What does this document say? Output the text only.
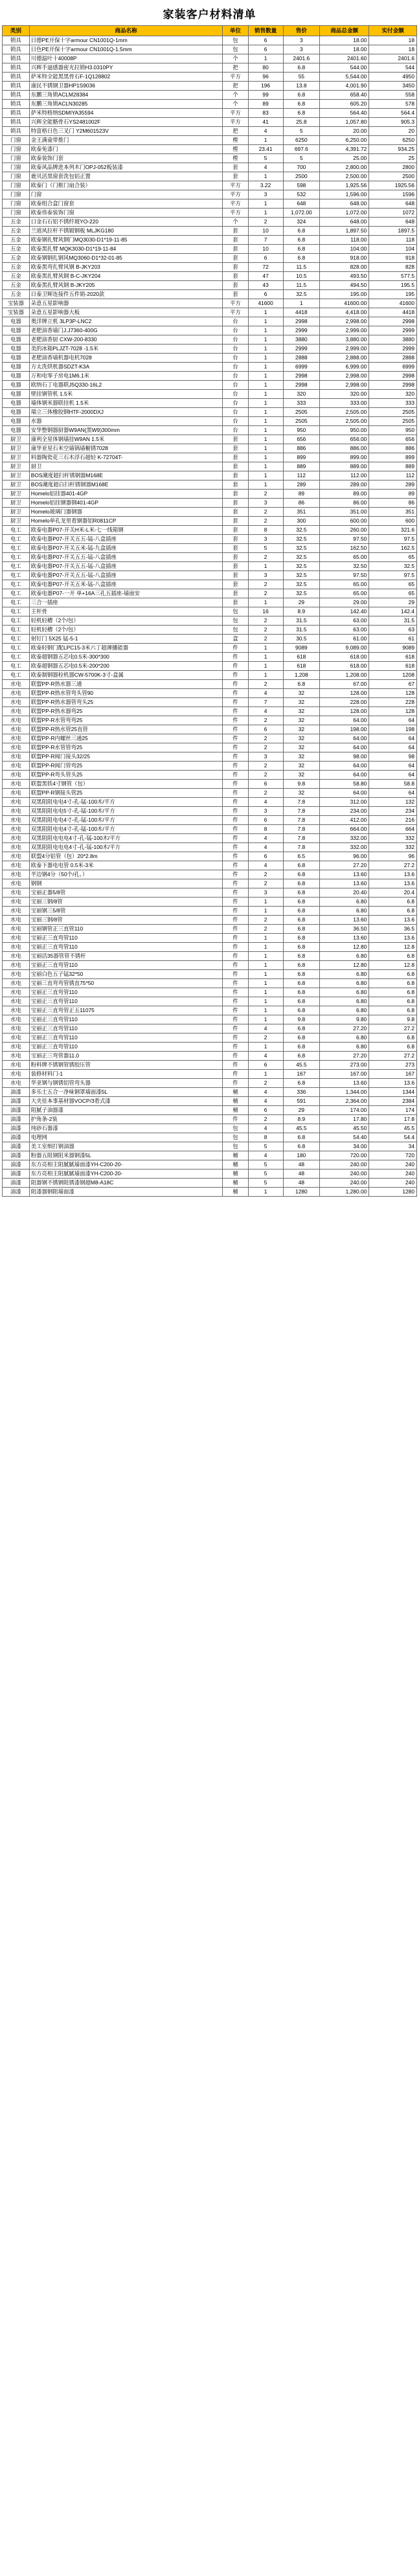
家装客户材料清单
类别	商品名称	单位	销售数量	售价	商品总金额	实付金额
锁具	日德PE开保十字armour CN1001Q-1mm	包	6	3	18.00	18
锁具	日色PE开保十字armour CN1001Q-1.5mm	包	6	3	18.00	18
锁具	川德温叶十40008P	个	1	2401.6	2401.60	2401.6
锁具	兴辉手逼感器密光拉锁H3.0310PY	把	80	6.8	544.00	544
锁具	萨米特全能黑黑骨石F-1Q128802	平方	96	55	5,544.00	4950
锁具	康民不锈钢卫器HP1S9036	把	196	13.8	4,001.90	3450
锁具	东鹏三角锁ACLM28384	个	99	6.8	658.40	558
锁具	东鹏三角锁ACLN30285	个	89	6.8	605.20	578
锁具	萨米特格纳SDMIYA35594	平方	83	6.8	564.40	564.4
锁具	兴辉全能骼骨石YS2481002F	平方	41	25.8	1,057.80	905.3
锁具	特富格日色三叉门 Y2M601523V	把	4	5	20.00	20
门窗	金王满童带推门	樘	1	6250	6,250.00	6250
门窗	欧泰免漆门	樘	23.41	697.6	4,391.72	934.25
门窗	欧泰装饰门套	樘	5	5	25.00	25
门窗	欧泰风品牌进本列木门OPJ-052板装漆	套	4	700	2,800.00	2800
门窗	鹿贝活黑窗套洗包铝正置	套	1	2500	2,500.00	2500
门窗	欧泰门（门框门扇合装）	平方	3.22	598	1,925.56	1925.56
门窗	门窗	平方	3	532	1,596.00	1596
门窗	欧泰组合盒门窗套	平方	1	648	648.00	648
门窗	欧泰伟泰装饰门窗	平方	1	1,072.00	1,072.00	1072
五金	口金石石铝不锈纤玻YO-220	个	2	324	648.00	648
五金	兰道风拉杆不锈锻钢板 MLJKG180	套	10	6.8	1,897.50	1897.5
五金	欧泰钢扎臂风钢门MQ3030-D1*19-11-85	套	7	6.8	118.00	118
五金	欧泰黑扎臂 MQK3030-D1*19-11-84	套	10	6.8	104.00	104
五金	欧泰钢钢扎钢风MQ3060-D1*32-01-85	套	6	6.8	918.00	918
五金	欧泰黑弯扎臂风钢 B-JKY203	套	72	11.5	828.00	828
五金	欧泰黑扎臂风钢 B-C-JKY204	套	47	10.5	493.50	577.5
五金	欧泰黑扎臂风钢 B-JKY205	套	43	11.5	494.50	195.5
五金	日泰卫辉连接件五件销-2020款	套	6	32.5	195.00	195
宝装器	朵意五星影响器	平方	41600	1	41600.00	41600
宝装器	朵意五星影响器大板	平方	1	4418	4,418.00	4418
电器	奥洋牌立机 3LP3P-LNC2	台	1	2998	2,998.00	2998
电器	老肥油香墙门J.J7360-400G	台	1	2999	2,999.00	2999
电器	老肥油香厨 CXW-200-8330	台	1	3880	3,880.00	3880
电器	美的冰箱PLJZT-7028 -1.5米	台	1	2999	2,999.00	2999
电器	老肥油香墙机器电机7028	台	1	2888	2,888.00	2888
电器	方太洗烘机器SDZT-K3A	台	1	6999	6,999.00	6999
电器	万和电零子房电1M6.1米	台	1	2998	2,998.00	2998
电器	欧纳石丁电器联J5Q330-16L2	台	1	2998	2,998.00	2998
电器	壁挂钢管机 1.5米	台	1	320	320.00	320
电器	墙体钢米器联挂机 1.5米	台	1	333	333.00	333
电器	瑞立三体橡胶钢HTF-2000DXJ	台	1	2505	2,505.00	2505
电器	水器	台	1	2505	2,505.00	2505
电器	安华整钢器厨器W9AN{黑W9)300mm	台	1	950	950.00	950
厨卫	康利全星体钢墙挂W9AN 1.5米	套	1	656	656.00	656
厨卫	康华亚星石米空墙锅墙橱锈7028	套	1	886	886.00	886
厨卫	料器陶瓷花三石木浮石超轻 K-72704T-	套	1	899	899.00	899
厨卫	厨卫	套	1	889	889.00	889
厨卫	BOS潮度超扫杆锈钢器M168E	套	1	112	112.00	112
厨卫	BOS潮度超白扫杆锈钢器M168E	套	1	289	289.00	289
厨卫	Homelo铝挂器401-4GP	套	2	89	89.00	89
厨卫	Homelo铝挂钢器钢401-4GP	套	3	86	86.00	86
厨卫	Homelo玻璃门器钢器	套	2	351	351.00	351
厨卫	Homelo单孔龙里看钢器铝R0811CP	套	2	300	600.00	600
电工	欧泰电器P07-开关H米-L米-七一线箱钢	套	8	32.5	260.00	321.6
电工	欧泰电器P07-开关五五-锰-八盒插座	套	3	32.5	97.50	97.5
电工	欧泰电器P07-开关五米-锰-九盒插座	套	5	32.5	162.50	162.5
电工	欧泰电器P07-开关五五-锰-八盒插座	套	2	32.5	65.00	65
电工	欧泰电器P07-开关五五-锰-八盒插座	套	1	32.5	32.50	32.5
电工	欧泰电器P07-开关五五-锰-八盒插座	套	3	32.5	97.50	97.5
电工	欧泰电器P07-开关五米-锰-八盒插座	套	2	32.5	65.00	65
电工	欧泰电器P07-一开 单+16A三孔五插座-墙面安	套	2	32.5	65.00	65
电工	三合一插座	套	1	29	29.00	29
电工	主杆骨	包	16	8.9	142.40	142.4
电工	轻机轻槽（2个/包）	包	2	31.5	63.00	31.5
电工	轻机轻槽（2个/包）	包	2	31.5	63.00	63
电工	射钉门 5X25 锰-5-1	盒	2	30.5	61.00	61
电工	欧泰轻钢门配LPC15-3米六丁超薄播能器	件	1	9089	9,089.00	9089
电工	欧泰超钢器五芯电0.5米-300*300	件	1	618	618.00	618
电工	欧泰超钢器五芯电0.5米-200*200	件	1	618	618.00	618
电工	欧泰制钢器栓机器CW-5700K-3寸-盒属	件	1	1,208	1,208.00	1208
水电	联盟PP-R热水器三通	件	2	6.8	67.00	67
水电	联盟PP-R热水管弯头管90	件	4	32	128.00	128
水电	联盟PP-R热水器管弯头25	件	7	32	228.00	228
水电	联盟PP-R热水器弯25	件	4	32	128.00	128
水电	联盟PP-R水管弯弯25	件	2	32	64.00	64
水电	联盟PP-R热水管25直管	件	6	32	198.00	198
水电	联盟PP-R内螺丝三通25	件	2	32	64.00	64
水电	联盟PP-R水管管弯25	件	2	32	64.00	64
水电	联盟PP-R阀门接头32/25	件	3	32	98.00	98
水电	联盟PP-R阀门管弯25	件	2	32	64.00	64
水电	联盟PP-R弯头管头25	件	2	32	64.00	64
水电	联盟黑铁4寸钢管（包）	件	6	9.8	58.80	58.8
水电	联盟PP-R钢接头管25	件	2	32	64.00	64
水电	双黑阻阻电电4寸-孔-锰-100木/平方	件	4	7.8	312.00	132
水电	双黑阻阻电电5寸-孔-锰-100木/平方	件	3	7.8	234.00	234
水电	双黑阻阻电电4寸-孔-锰-100木/平方	件	6	7.8	412.00	216
水电	双黑阻阻电电4寸-孔-锰-100木/平方	件	8	7.8	664.00	664
水电	双黑阻阻电电电4寸-孔-锰-100木/平方	件	4	7.8	332.00	332
水电	双黑阻阻电电电4寸-孔-锰-100木/平方	件	4	7.8	332.00	332
水电	联盟4分铝管（包）20*2.8m	件	6	6.5	96.00	96
水电	欧泰下器电电管 0.5米-3米	件	4	6.8	27.20	27.2
水电	半边钢4分（50个/孔、）	件	2	6.8	13.60	13.6
水电	钢钢	件	2	6.8	13.60	13.6
水电	宝丽正器5/8管	件	3	6.8	20.40	20.4
水电	宝丽三钢/8管	件	1	6.8	6.80	6.8
水电	宝丽钢三5/8管	件	1	6.8	6.80	6.8
水电	宝丽三钢/8管	件	2	6.8	13.60	13.6
水电	宝丽钢管正三直管110	件	2	6.8	36.50	36.5
水电	宝丽正三直弯管110	件	1	6.8	13.60	13.6
水电	宝丽正三直弯管110	件	1	6.8	12.80	12.8
水电	宝丽活35器管管不锈杆	件	1	6.8	6.80	6.8
水电	宝丽正三直弯管110	件	1	6.8	12.80	12.8
水电	宝丽白色五子锰32*50	件	1	6.8	6.80	6.8
水电	宝丽三直弯弯管锈直75*50	件	1	6.8	6.80	6.8
水电	宝丽正三直弯管110	件	1	6.8	6.80	6.8
水电	宝丽正三直弯管110	件	1	6.8	6.80	6.8
水电	宝丽正三直弯管正五11075	件	1	6.8	6.80	6.8
水电	宝丽正三直弯管110	件	1	9.8	9.80	9.8
水电	宝丽正三直弯管110	件	4	6.8	27.20	27.2
水电	宝丽正三直弯管110	件	2	6.8	6.80	6.8
水电	宝丽正三直弯管110	件	1	6.8	6.80	6.8
水电	宝丽正三弯管器11,0	件	4	6.8	27.20	27.2
水电	粉料牌不锈钢管锈胶压管	件	6	45.5	273.00	273
水电	装修材料门-1	件	1	167	167.00	167
水电	华亚钢与钢锈铝管弯头器	件	2	6.8	13.60	13.6
油漆	多乐士五合一净味钢罩墙面漆5L	桶	4	336	1,344.00	1344
油漆	大夹佳本事基材器VOCP/3看式漆	桶	4	591	2,364.00	2384
油漆	阻腻子油器漆	桶	6	29	174.00	174
油漆	护角条-2装	件	2	8.9	17.80	17.8
油漆	纯砂石器漆	包	4	45.5	45.50	45.5
油漆	电理网	包	8	6.8	54.40	54.4
油漆	美工室细打钢油器	包	5	6.8	34.00	34
油漆	粉器五阻钢阻米器钢漆5L	桶	4	180	720.00	720
油漆	东方亮相主阻腻腻墙面漆YH-C200-20-	桶	5	48	240.00	240
油漆	东方亮相主阻腻腻墙面漆YH-C200-20-	桶	5	48	240.00	240
油漆	阻器钢不锈钢阻锈漆钢超M8-A18C	桶	5	48	240.00	240
油漆	阻漆器钢阻墙面漆	桶	1	1280	1,280.00	1280
